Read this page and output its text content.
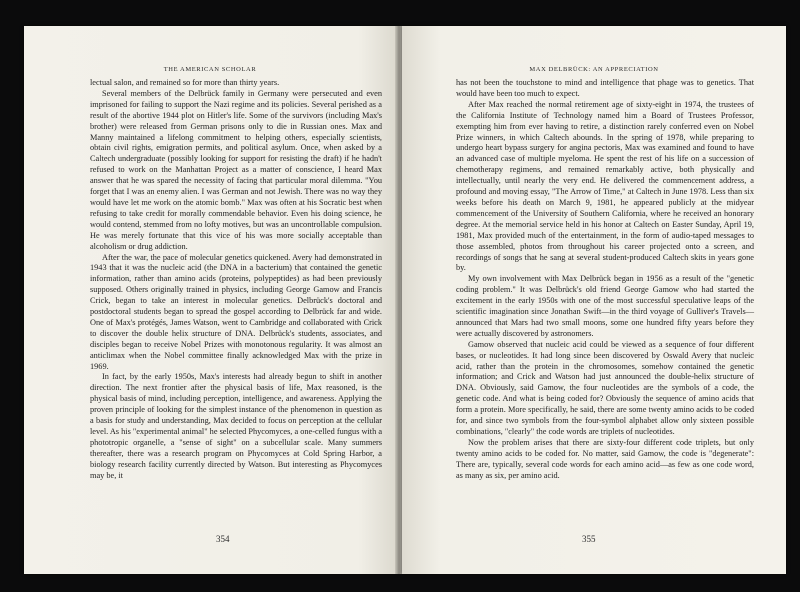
THE AMERICAN SCHOLAR

lectual salon, and remained so for more than thirty years.

Several members of the Delbrück family in Germany were persecuted and even imprisoned for failing to support the Nazi regime and its policies. Several perished as a result of the abortive 1944 plot on Hitler's life. Some of the survivors (including Max's brother) were released from German prisons only to die in Russian ones. Max and Manny maintained a lifelong commitment to helping others, especially scientists, obtain civil rights, emigration permits, and political asylum. Once, when asked by a Caltech undergraduate (possibly looking for support for resisting the draft) if he hadn't refused to work on the Manhattan Project as a matter of conscience, I heard Max answer that he was spared the necessity of facing that particular moral dilemma. "You forget that I was an enemy alien. I was German and not Jewish. There was no way they would have let me work on the atomic bomb." Max was often at his Socratic best when refusing to take credit for morally commendable behavior. Even his doing science, he would contend, stemmed from no lofty motives, but was an uncontrollable compulsion. He was merely fortunate that this vice of his was more socially acceptable than alcoholism or drug addiction.

After the war, the pace of molecular genetics quickened. Avery had demonstrated in 1943 that it was the nucleic acid (the DNA in a bacterium) that contained the genetic information, rather than amino acids (proteins, polypeptides) as had been previously supposed. Others originally trained in physics, including George Gamow and Francis Crick, began to take an interest in molecular genetics. Delbrück's doctoral and postdoctoral students began to spread the gospel according to Delbrück far and wide. One of Max's protégés, James Watson, went to Cambridge and collaborated with Crick to discover the double helix structure of DNA. Delbrück's students, associates, and disciples began to receive Nobel Prizes with monotonous regularity. It was almost an anticlimax when the Nobel committee finally acknowledged Max with the prize in 1969.

In fact, by the early 1950s, Max's interests had already begun to shift in another direction. The next frontier after the physical basis of life, Max reasoned, is the physical basis of mind, including perception, intelligence, and awareness. Applying the proven principle of looking for the simplest instance of the phenomenon in question as a basis for study and understanding, Max decided to focus on perception at the cellular level. As his "experimental animal" he selected Phycomyces, a one-celled fungus with a phototropic organelle, a "sense of sight" on a subcellular scale. Many summers thereafter, there was a research program on Phycomyces at Cold Spring Harbor, a biology research facility currently directed by Watson. But interesting as Phycomyces may be, it

354
MAX DELBRÜCK: AN APPRECIATION

has not been the touchstone to mind and intelligence that phage was to genetics. That would have been too much to expect.

After Max reached the normal retirement age of sixty-eight in 1974, the trustees of the California Institute of Technology named him a Board of Trustees Professor, exempting him from ever having to retire, a distinction rarely conferred even on Nobel Prize winners, in which Caltech abounds. In the spring of 1978, while preparing to undergo heart bypass surgery for angina pectoris, Max was examined and found to have an advanced case of multiple myeloma. He spent the rest of his life on a succession of chemotherapy regimens, and remained remarkably active, both physically and intellectually, until nearly the very end. He delivered the commencement address, a profound and moving essay, "The Arrow of Time," at Caltech in June 1978. Less than six weeks before his death on March 9, 1981, he appeared publicly at the midyear commencement of the University of Southern California, where he received an honorary degree. At the memorial service held in his honor at Caltech on Easter Sunday, April 19, 1981, Max provided much of the entertainment, in the form of audio-taped messages to those assembled, photos from throughout his career projected onto a screen, and recordings of songs that he sang at several student-produced Caltech skits in years gone by.

My own involvement with Max Delbrück began in 1956 as a result of the "genetic coding problem." It was Delbrück's old friend George Gamow who had started the excitement in the early 1950s with one of the most successful speculative leaps of the scientific imagination since Jonathan Swift—in the third voyage of Gulliver's Travels—announced that Mars had two small moons, some one hundred fifty years before they were actually discovered by astronomers.

Gamow observed that nucleic acid could be viewed as a sequence of four different bases, or nucleotides. It had long since been discovered by Oswald Avery that nucleic acid, rather than the protein in the chromosomes, somehow contained the genetic information; and Crick and Watson had just announced the double-helix structure of DNA. Obviously, said Gamow, the four nucleotides are the symbols of a code, the genetic code. And what is being coded for? Obviously the sequence of amino acids that form a protein. More specifically, he said, there are some twenty amino acids to be coded for, and since two symbols from the four-symbol alphabet allow only sixteen possible combinations, "clearly" the code words are triplets of nucleotides.

Now the problem arises that there are sixty-four different code triplets, but only twenty amino acids to be coded for. No matter, said Gamow, the code is "degenerate": There are, typically, several code words for each amino acid—as few as one code word, as many as six, per amino acid.

355
